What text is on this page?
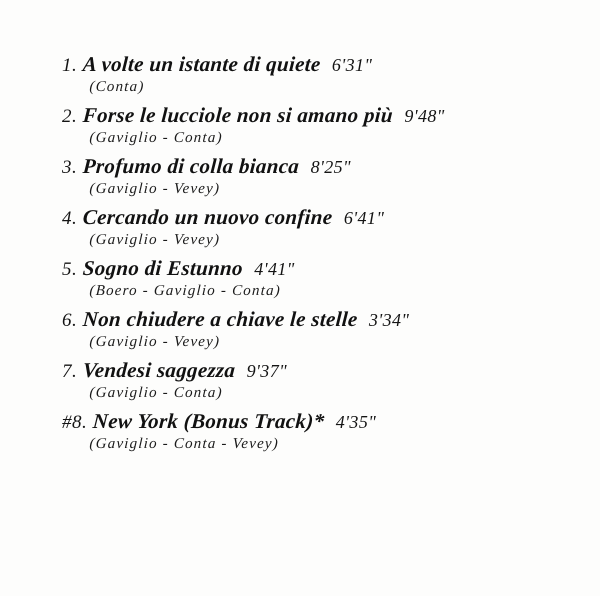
1. A volte un istante di quiete 6'31"
(Conta)
2. Forse le lucciole non si amano più 9'48"
(Gaviglio - Conta)
3. Profumo di colla bianca 8'25"
(Gaviglio - Vevey)
4. Cercando un nuovo confine 6'41"
(Gaviglio - Vevey)
5. Sogno di Estunno 4'41"
(Boero - Gaviglio - Conta)
6. Non chiudere a chiave le stelle 3'34"
(Gaviglio - Vevey)
7. Vendesi saggezza 9'37"
(Gaviglio - Conta)
#8. New York (Bonus Track)* 4'35"
(Gaviglio - Conta - Vevey)
